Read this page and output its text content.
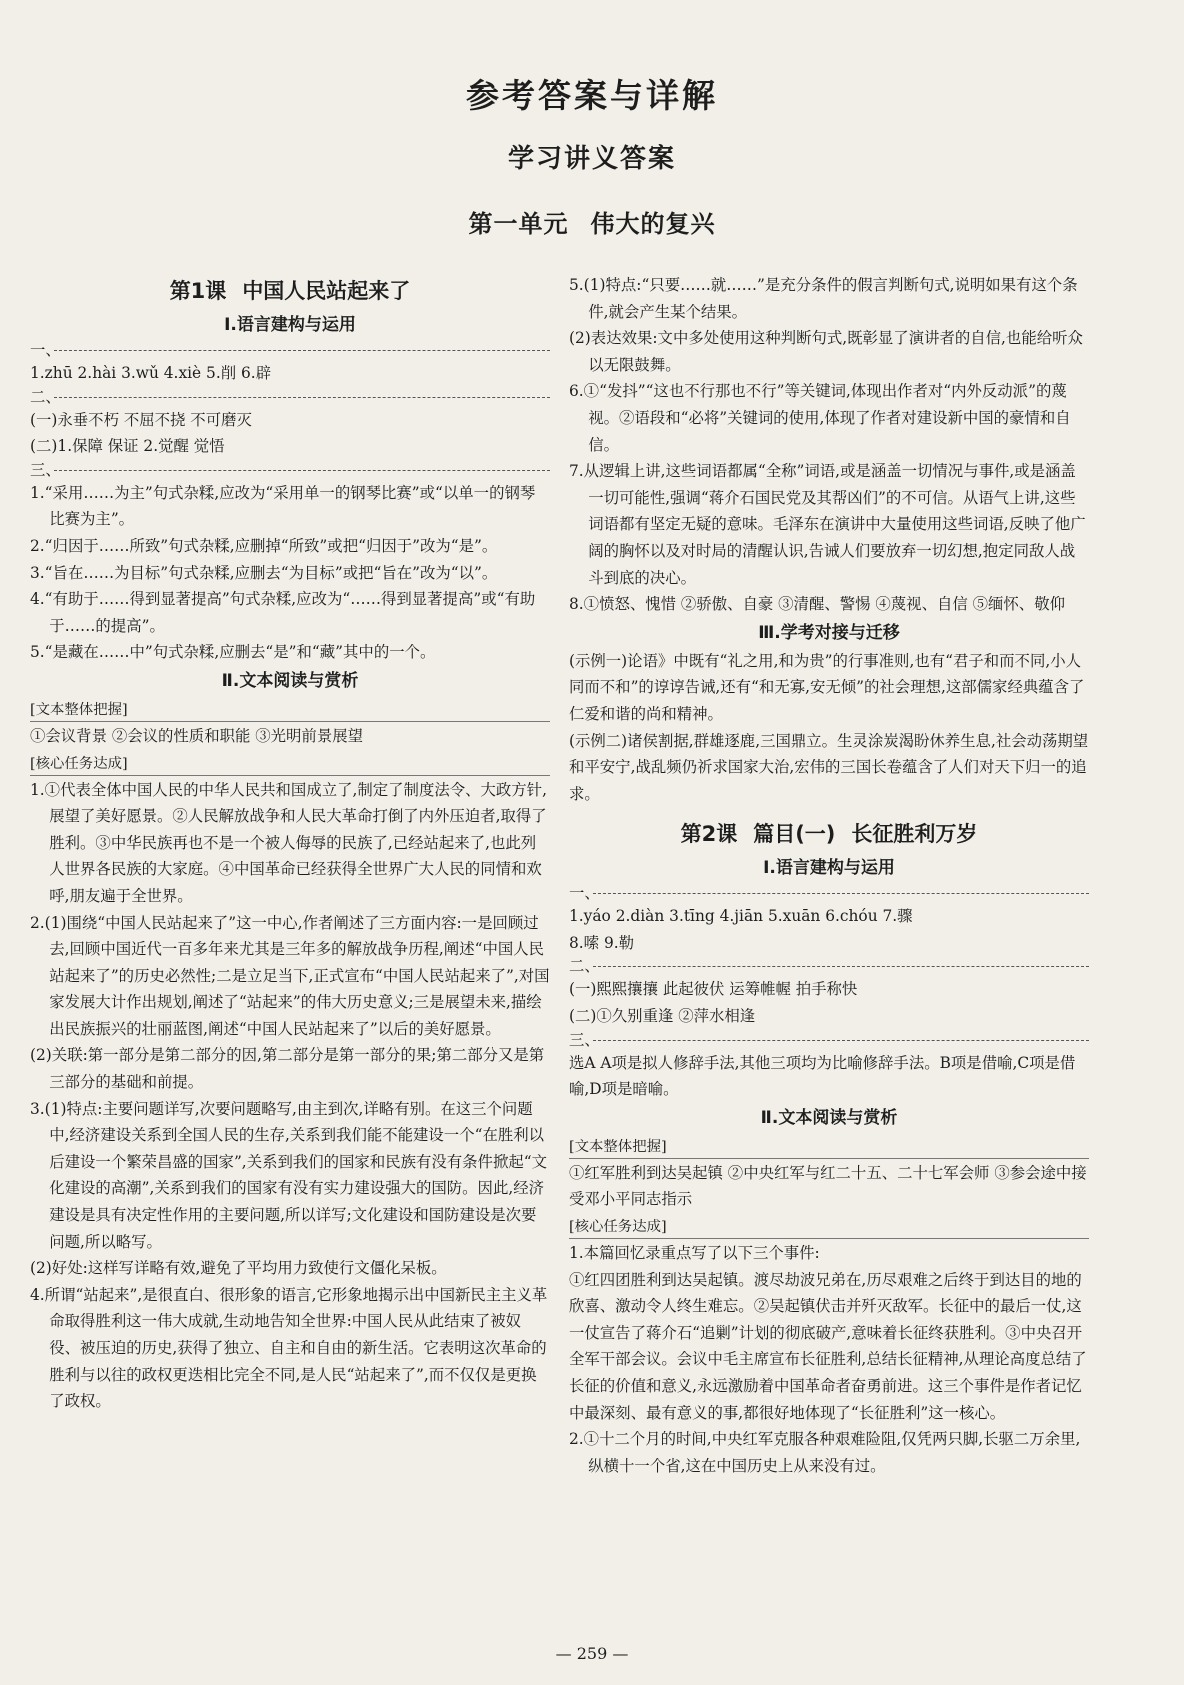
参考答案与详解
学习讲义答案
第一单元 伟大的复兴
第1课 中国人民站起来了
Ⅰ.语言建构与运用
一、

1.zhū 2.hài 3.wǔ 4.xiè 5.削 6.辟

二、

(一)永垂不朽 不屈不挠 不可磨灭

(二)1.保障 保证 2.觉醒 觉悟

三、

1.“采用……为主”句式杂糅,应改为“采用单一的钢琴比赛”或“以单一的钢琴比赛为主”。

2.“归因于……所致”句式杂糅,应删掉“所致”或把“归因于”改为“是”。

3.“旨在……为目标”句式杂糅,应删去“为目标”或把“旨在”改为“以”。

4.“有助于……得到显著提高”句式杂糅,应改为“……得到显著提高”或“有助于……的提高”。

5.“是藏在……中”句式杂糅,应删去“是”和“藏”其中的一个。

Ⅱ.文本阅读与赏析
[ 文本整体把握 ]

①会议背景 ②会议的性质和职能 ③光明前景展望

[ 核心任务达成 ]

1.①代表全体中国人民的中华人民共和国成立了,制定了制度法令、大政方针,展望了美好愿景。②人民解放战争和人民大革命打倒了内外压迫者,取得了胜利。③中华民族再也不是一个被人侮辱的民族了,已经站起来了,也此列人世界各民族的大家庭。④中国革命已经获得全世界广大人民的同情和欢呼,朋友遍于全世界。

2.(1)围绕“中国人民站起来了”这一中心,作者阐述了三方面内容:一是回顾过去,回顾中国近代一百多年来尤其是三年多的解放战争历程,阐述“中国人民站起来了”的历史必然性;二是立足当下,正式宣布“中国人民站起来了”,对国家发展大计作出规划,阐述了“站起来”的伟大历史意义;三是展望未来,描绘出民族振兴的壮丽蓝图,阐述“中国人民站起来了”以后的美好愿景。

(2)关联:第一部分是第二部分的因,第二部分是第一部分的果;第二部分又是第三部分的基础和前提。

3.(1)特点:主要问题详写,次要问题略写,由主到次,详略有别。在这三个问题中,经济建设关系到全国人民的生存,关系到我们能不能建设一个“在胜利以后建设一个繁荣昌盛的国家”,关系到我们的国家和民族有没有条件掀起“文化建设的高潮”,关系到我们的国家有没有实力建设强大的国防。因此,经济建设是具有决定性作用的主要问题,所以详写;文化建设和国防建设是次要问题,所以略写。

(2)好处:这样写详略有效,避免了平均用力致使行文僵化呆板。

4.所谓“站起来”,是很直白、很形象的语言,它形象地揭示出中国新民主主义革命取得胜利这一伟大成就,生动地告知全世界:中国人民从此结束了被奴役、被压迫的历史,获得了独立、自主和自由的新生活。它表明这次革命的胜利与以往的政权更迭相比完全不同,是人民“站起来了”,而不仅仅是更换了政权。

5.(1)特点:“只要……就……”是充分条件的假言判断句式,说明如果有这个条件,就会产生某个结果。

(2)表达效果:文中多处使用这种判断句式,既彰显了演讲者的自信,也能给听众以无限鼓舞。

6.①“发抖”“这也不行那也不行”等关键词,体现出作者对“内外反动派”的蔑视。②语段和“必将”关键词的使用,体现了作者对建设新中国的豪情和自信。

7.从逻辑上讲,这些词语都属“全称”词语,或是涵盖一切情况与事件,或是涵盖一切可能性,强调“蒋介石国民党及其帮凶们”的不可信。从语气上讲,这些词语都有坚定无疑的意味。毛泽东在演讲中大量使用这些词语,反映了他广阔的胸怀以及对时局的清醒认识,告诫人们要放弃一切幻想,抱定同敌人战斗到底的决心。

8.①愤怒、愧惜 ②骄傲、自豪 ③清醒、警惕 ④蔑视、自信 ⑤缅怀、敬仰

Ⅲ.学考对接与迁移

(示例一)论语》中既有“礼之用,和为贵”的行事准则,也有“君子和而不同,小人同而不和”的谆谆告诫,还有“和无寡,安无倾”的社会理想,这部儒家经典蕴含了仁爱和谐的尚和精神。

(示例二)诸侯割据,群雄逐鹿,三国鼎立。生灵涂炭渴盼休养生息,社会动荡期望和平安宁,战乱频仍祈求国家大治,宏伟的三国长卷蕴含了人们对天下归一的追求。

第2课 篇目(一) 长征胜利万岁
Ⅰ.语言建构与运用
一、

1.yáo 2.diàn 3.tīng 4.jiān 5.xuān 6.chóu 7.骤

8.嗦 9.勒

二、

(一)熙熙攘攘 此起彼伏 运筹帷幄 拍手称快

(二)①久别重逢 ②萍水相逢

三、

选A A项是拟人修辞手法,其他三项均为比喻修辞手法。B项是借喻,C项是借喻,D项是暗喻。

Ⅱ.文本阅读与赏析
[ 文本整体把握 ]

①红军胜利到达吴起镇 ②中央红军与红二十五、二十七军会师 ③参会途中接受邓小平同志指示

[ 核心任务达成 ]

1.本篇回忆录重点写了以下三个事件:

①红四团胜利到达吴起镇。渡尽劫波兄弟在,历尽艰难之后终于到达目的地的欣喜、激动令人终生难忘。②吴起镇伏击并歼灭敌军。长征中的最后一仗,这一仗宣告了蒋介石“追剿”计划的彻底破产,意味着长征终获胜利。③中央召开全军干部会议。会议中毛主席宣布长征胜利,总结长征精神,从理论高度总结了长征的价值和意义,永远激励着中国革命者奋勇前进。这三个事件是作者记忆中最深刻、最有意义的事,都很好地体现了“长征胜利”这一核心。

2.①十二个月的时间,中央红军克服各种艰难险阻,仅凭两只脚,长驱二万余里,纵横十一个省,这在中国历史上从来没有过。

— 259 —
